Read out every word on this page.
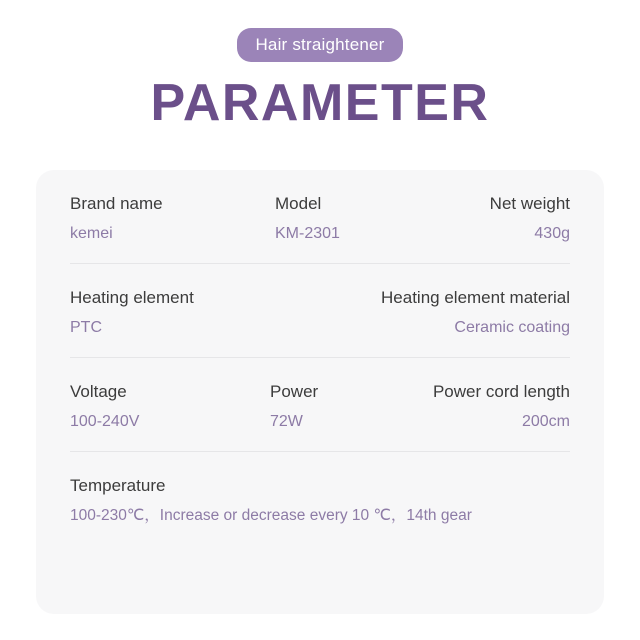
Hair straightener
PARAMETER
Brand name
kemei
Model
KM-2301
Net weight
430g
Heating element
PTC
Heating element material
Ceramic coating
Voltage
100-240V
Power
72W
Power cord length
200cm
Temperature
100-230℃，Increase or decrease every 10 ℃，14th gear
